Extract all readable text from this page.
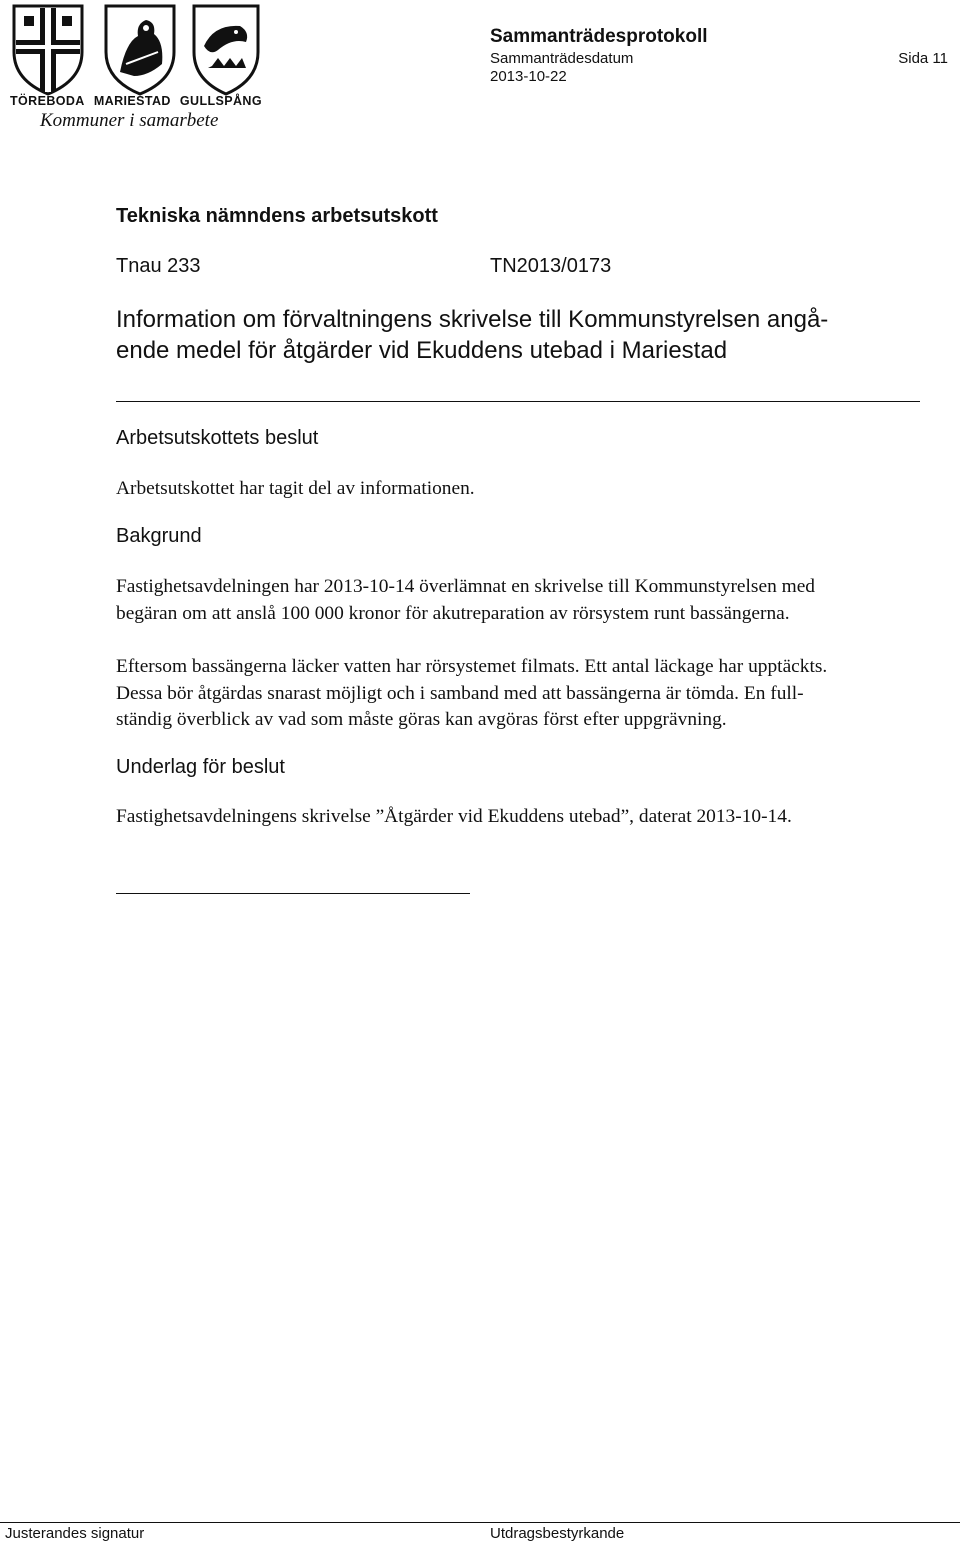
TÖREBODA MARIESTAD GULLSPÅNG
Kommuner i samarbete
Sammanträdesprotokoll
Sammanträdesdatum
2013-10-22
Sida 11
Tekniska nämndens arbetsutskott
Tnau 233	TN2013/0173
Information om förvaltningens skrivelse till Kommunstyrelsen angå-
ende medel för åtgärder vid Ekuddens utebad i Mariestad
Arbetsutskottets beslut
Arbetsutskottet har tagit del av informationen.
Bakgrund
Fastighetsavdelningen har 2013-10-14 överlämnat en skrivelse till Kommunstyrelsen med
begäran om att anslå 100 000 kronor för akutreparation av rörsystem runt bassängerna.
Eftersom bassängerna läcker vatten har rörsystemet filmats. Ett antal läckage har upptäckts.
Dessa bör åtgärdas snarast möjligt och i samband med att bassängerna är tömda. En full-
ständig överblick av vad som måste göras kan avgöras först efter uppgrävning.
Underlag för beslut
Fastighetsavdelningens skrivelse ”Åtgärder vid Ekuddens utebad”, daterat 2013-10-14.
Justerandes signatur	Utdragsbestyrkande
